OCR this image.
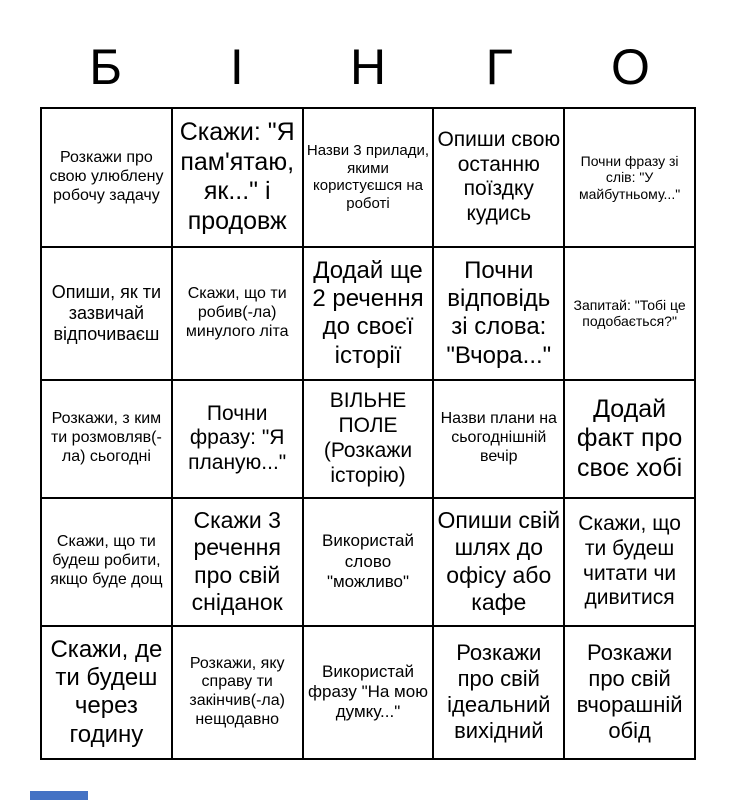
Б	І	Н	Г	О
Розкажи про свою улюблену робочу задачу	Скажи: "Я пам'ятаю, як..." і продовж	Назви 3 прилади, якими користуєшся на роботі	Опиши свою останню поїздку кудись	Почни фразу зі слів: "У майбутньому..."
Опиши, як ти зазвичай відпочиваєш	Скажи, що ти робив(-ла) минулого літа	Додай ще 2 речення до своєї історії	Почни відповідь зі слова: "Вчора..."	Запитай: "Тобі це подобається?"
Розкажи, з ким ти розмовляв(-ла) сьогодні	Почни фразу: "Я планую..."	ВІЛЬНЕ ПОЛЕ (Розкажи історію)	Назви плани на сьогоднішній вечір	Додай факт про своє хобі
Скажи, що ти будеш робити, якщо буде дощ	Скажи 3 речення про свій сніданок	Використай слово "можливо"	Опиши свій шлях до офісу або кафе	Скажи, що ти будеш читати чи дивитися
Скажи, де ти будеш через годину	Розкажи, яку справу ти закінчив(-ла) нещодавно	Використай фразу "На мою думку..."	Розкажи про свій ідеальний вихідний	Розкажи про свій вчорашній обід
